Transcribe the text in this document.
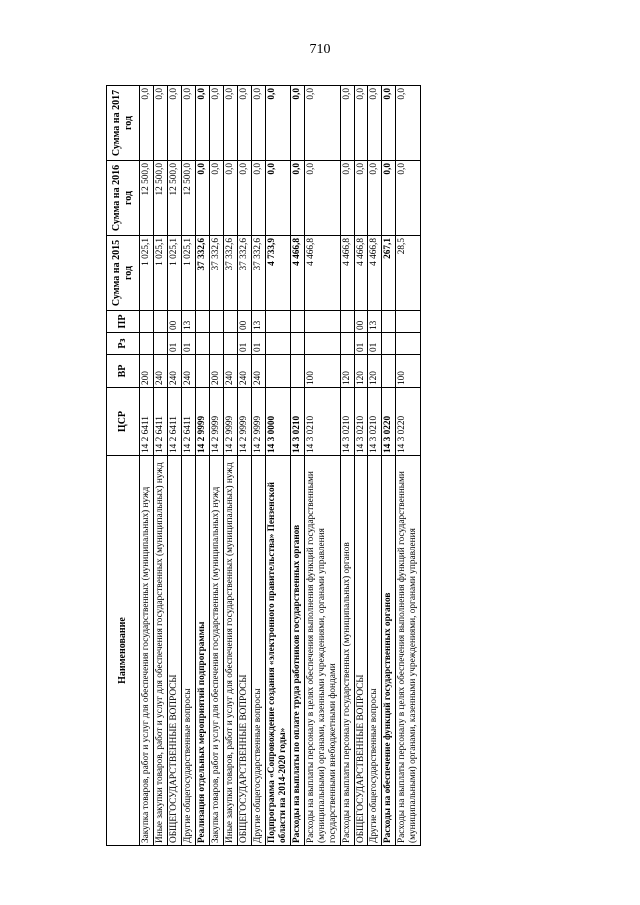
710
Наименование	ЦСР	ВР	Рз	ПР	Сумма на 2015 год	Сумма на 2016 год	Сумма на 2017 год
Закупка товаров, работ и услуг для обеспечения государственных (муниципальных) нужд	14 2 6411	200			1 025,1	12 500,0	0,0
Иные закупки товаров, работ и услуг для обеспечения государственных (муниципальных) нужд	14 2 6411	240			1 025,1	12 500,0	0,0
ОБЩЕГОСУДАРСТВЕННЫЕ ВОПРОСЫ	14 2 6411	240	01	00	1 025,1	12 500,0	0,0
Другие общегосударственные вопросы	14 2 6411	240	01	13	1 025,1	12 500,0	0,0
Реализация отдельных мероприятий подпрограммы	14 2 9999				37 332,6	0,0	0,0
Закупка товаров, работ и услуг для обеспечения государственных (муниципальных) нужд	14 2 9999	200			37 332,6	0,0	0,0
Иные закупки товаров, работ и услуг для обеспечения государственных (муниципальных) нужд	14 2 9999	240			37 332,6	0,0	0,0
ОБЩЕГОСУДАРСТВЕННЫЕ ВОПРОСЫ	14 2 9999	240	01	00	37 332,6	0,0	0,0
Другие общегосударственные вопросы	14 2 9999	240	01	13	37 332,6	0,0	0,0
Подпрограмма «Сопровождение создания «электронного правительства» Пензенской области на 2014-2020 годы»	14 3 0000				4 733,9	0,0	0,0
Расходы на выплаты по оплате труда работников государственных органов	14 3 0210				4 466,8	0,0	0,0
Расходы на выплаты персоналу в целях обеспечения выполнения функций государственными (муниципальными) органами, казенными учреждениями, органами управления государственными внебюджетными фондами	14 3 0210	100			4 466,8	0,0	0,0
Расходы на выплаты персоналу государственных (муниципальных) органов	14 3 0210	120			4 466,8	0,0	0,0
ОБЩЕГОСУДАРСТВЕННЫЕ ВОПРОСЫ	14 3 0210	120	01	00	4 466,8	0,0	0,0
Другие общегосударственные вопросы	14 3 0210	120	01	13	4 466,8	0,0	0,0
Расходы на обеспечение функций государственных органов	14 3 0220				267,1	0,0	0,0
Расходы на выплаты персоналу в целях обеспечения выполнения функций государственными (муниципальными) органами, казенными учреждениями, органами управления	14 3 0220	100			28,5	0,0	0,0
